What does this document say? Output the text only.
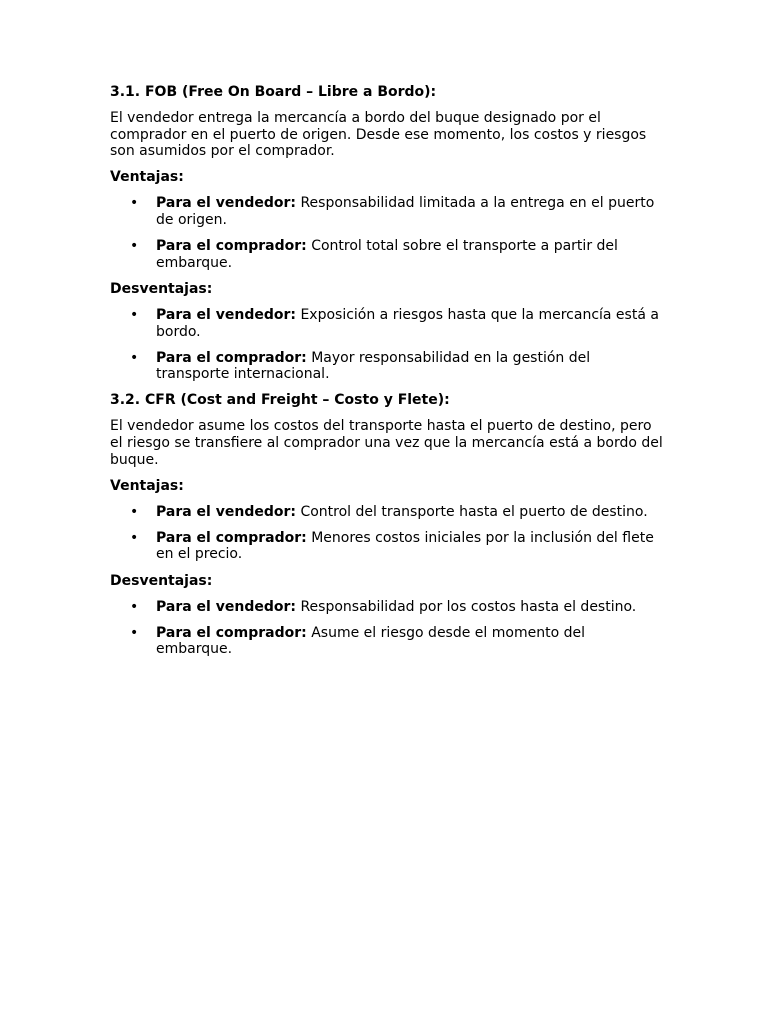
3.1. FOB (Free On Board – Libre a Bordo):

El vendedor entrega la mercancía a bordo del buque designado por el comprador en el puerto de origen. Desde ese momento, los costos y riesgos son asumidos por el comprador.

Ventajas:

• Para el vendedor: Responsabilidad limitada a la entrega en el puerto de origen.
• Para el comprador: Control total sobre el transporte a partir del embarque.

Desventajas:

• Para el vendedor: Exposición a riesgos hasta que la mercancía está a bordo.
• Para el comprador: Mayor responsabilidad en la gestión del transporte internacional.

3.2. CFR (Cost and Freight – Costo y Flete):

El vendedor asume los costos del transporte hasta el puerto de destino, pero el riesgo se transfiere al comprador una vez que la mercancía está a bordo del buque.

Ventajas:

• Para el vendedor: Control del transporte hasta el puerto de destino.
• Para el comprador: Menores costos iniciales por la inclusión del flete en el precio.

Desventajas:

• Para el vendedor: Responsabilidad por los costos hasta el destino.
• Para el comprador: Asume el riesgo desde el momento del embarque.
